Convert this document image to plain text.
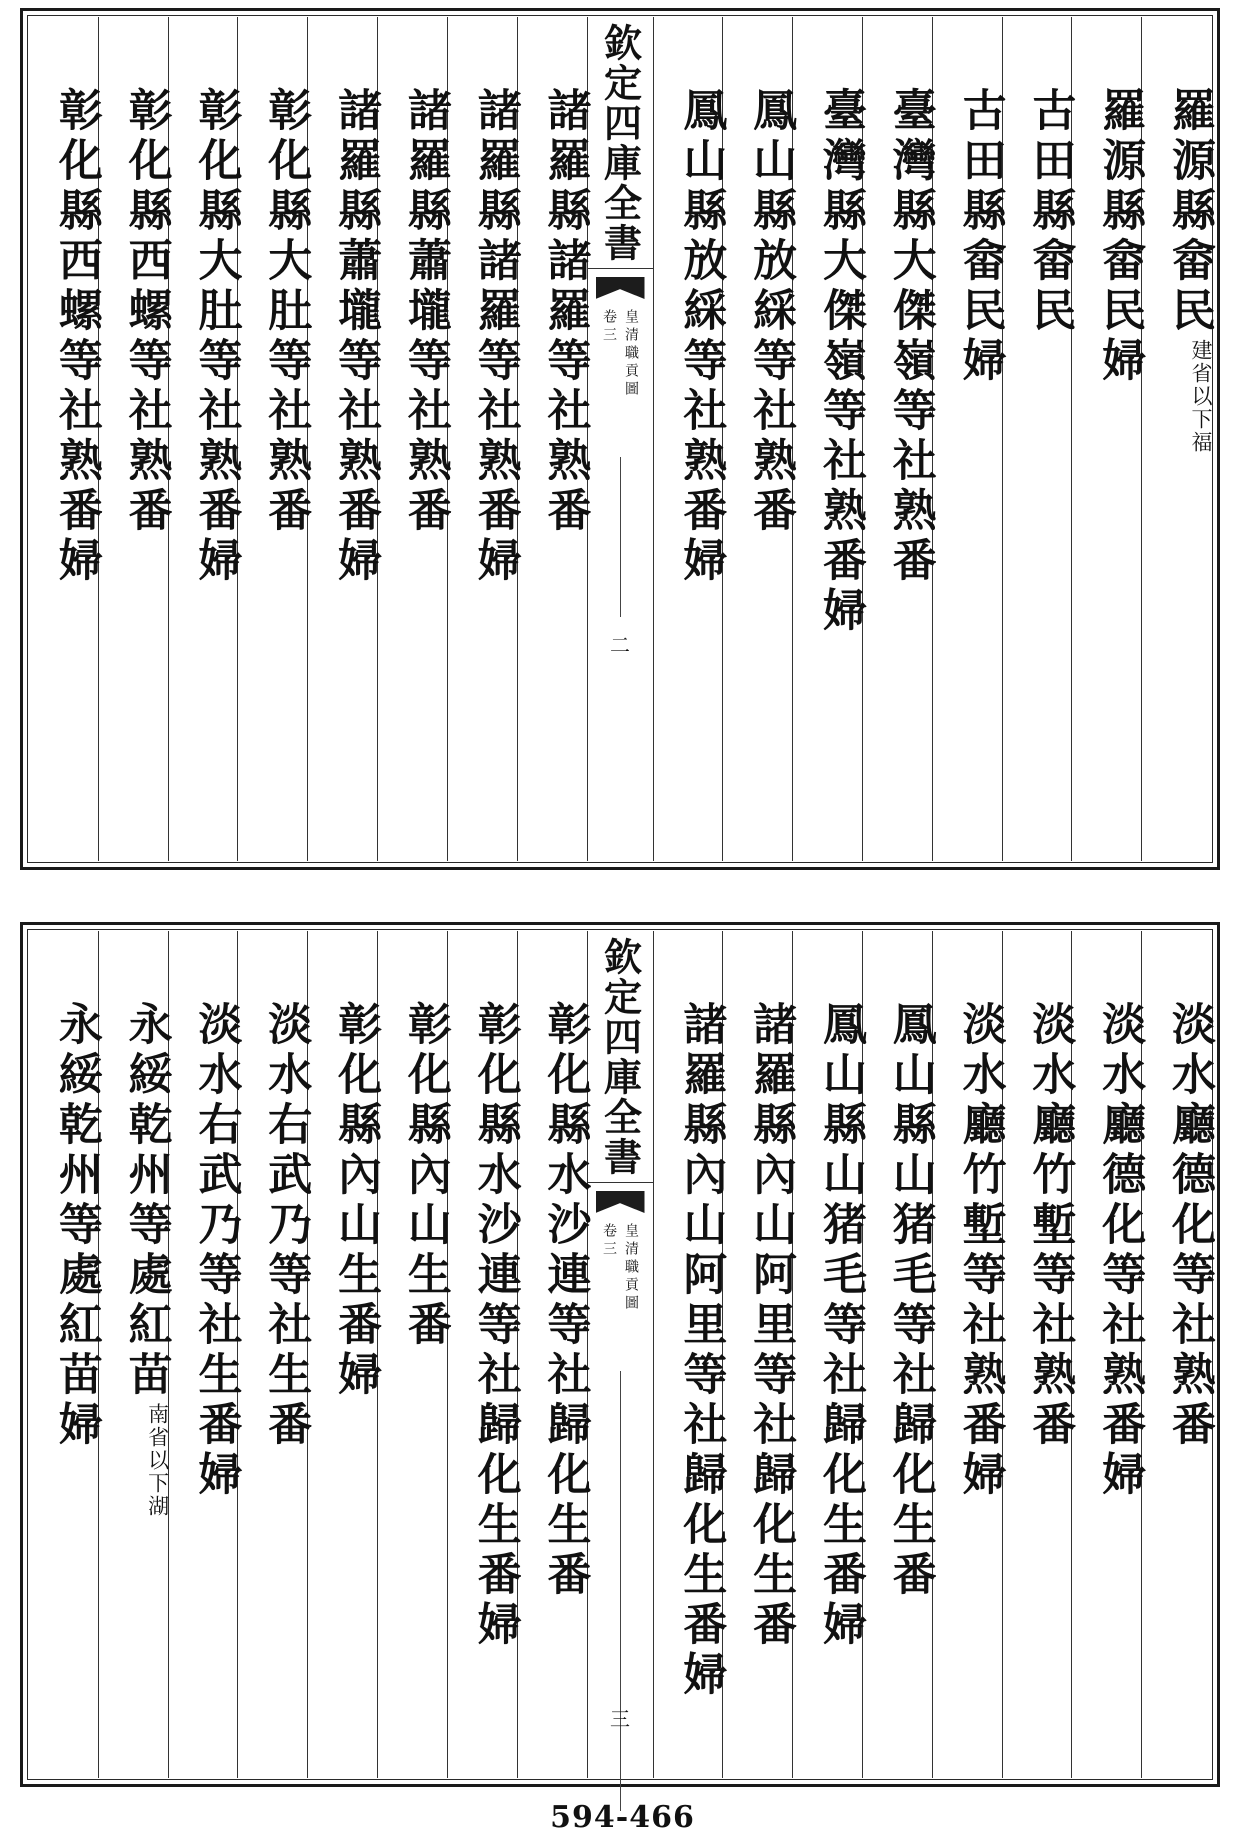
羅源縣畲民
以下福
建省
羅源縣畲民婦
古田縣畲民
古田縣畲民婦
臺灣縣大傑嶺等社熟番
臺灣縣大傑嶺等社熟番婦
鳳山縣放綵等社熟番
鳳山縣放綵等社熟番婦
欽定四庫全書
皇清職貢圖
卷三
二
諸羅縣諸羅等社熟番
諸羅縣諸羅等社熟番婦
諸羅縣蕭壠等社熟番
諸羅縣蕭壠等社熟番婦
彰化縣大肚等社熟番
彰化縣大肚等社熟番婦
彰化縣西螺等社熟番
彰化縣西螺等社熟番婦
淡水廳德化等社熟番
淡水廳德化等社熟番婦
淡水廳竹塹等社熟番
淡水廳竹塹等社熟番婦
鳳山縣山猪毛等社歸化生番
鳳山縣山猪毛等社歸化生番婦
諸羅縣內山阿里等社歸化生番
諸羅縣內山阿里等社歸化生番婦
欽定四庫全書
皇清職貢圖
卷三
三
彰化縣水沙連等社歸化生番
彰化縣水沙連等社歸化生番婦
彰化縣內山生番
彰化縣內山生番婦
淡水右武乃等社生番
淡水右武乃等社生番婦
永綏乾州等處紅苗
以下湖
南省
永綏乾州等處紅苗婦
594-466
